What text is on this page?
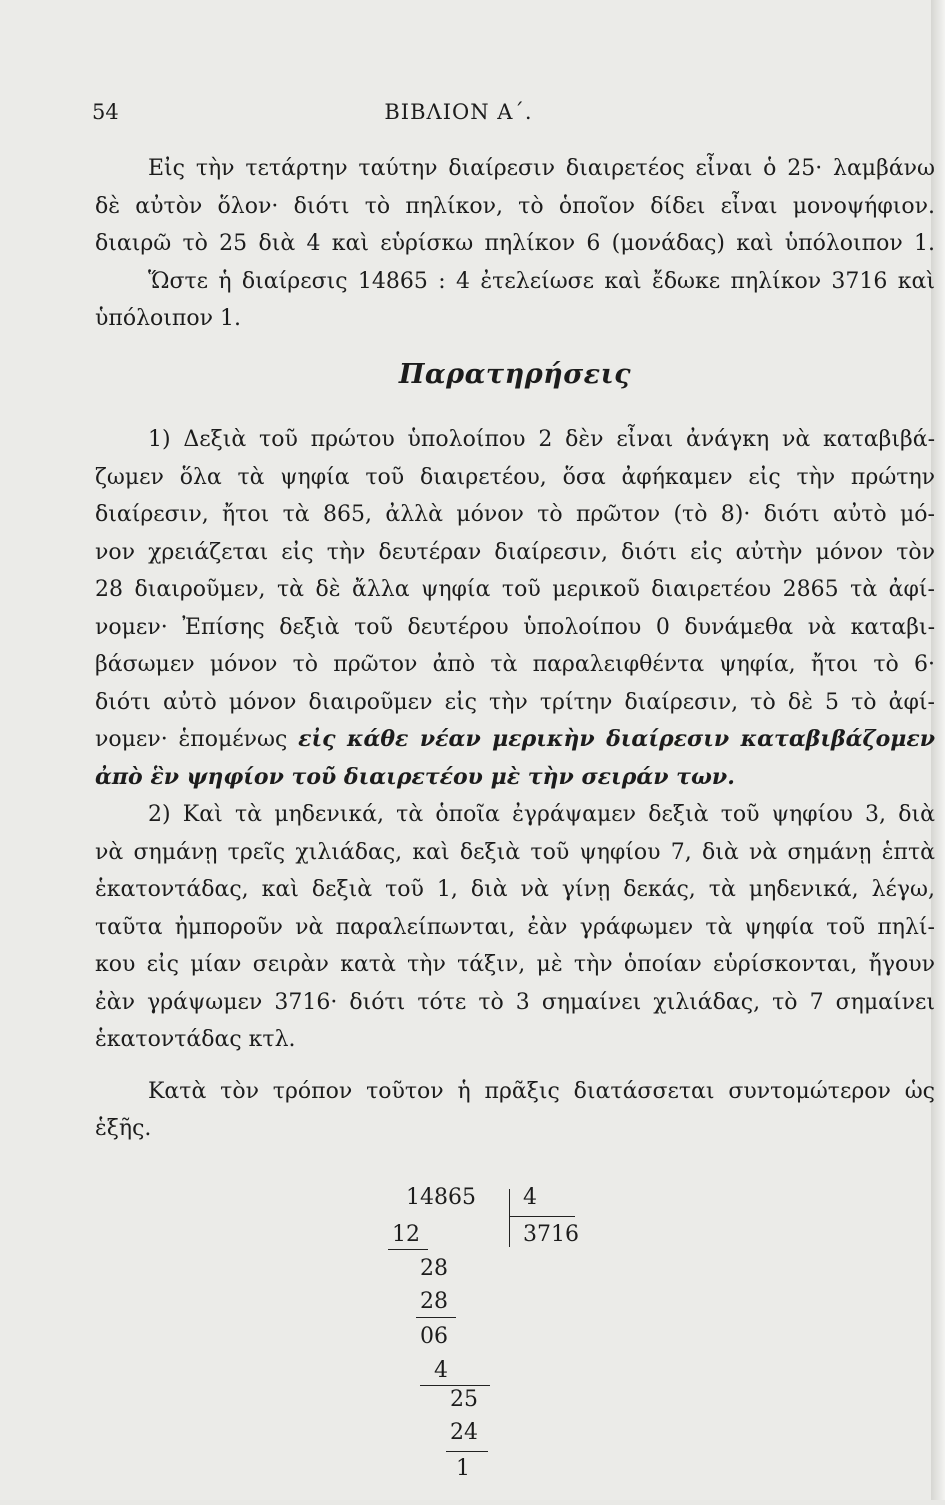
54	ΒΙΒΛΙΟΝ Α΄.
Εἰς τὴν τετάρτην ταύτην διαίρεσιν διαιρετέος εἶναι ὁ 25· λαμβάνω
δὲ αὐτὸν ὅλον· διότι τὸ πηλίκον, τὸ ὁποῖον δίδει εἶναι μονοψήφιον.
διαιρῶ τὸ 25 διὰ 4 καὶ εὑρίσκω πηλίκον 6 (μονάδας) καὶ ὑπόλοιπον 1.
Ὥστε ἡ διαίρεσις 14865 : 4 ἐτελείωσε καὶ ἔδωκε πηλίκον 3716 καὶ
ὑπόλοιπον 1.
Παρατηρήσεις
1) Δεξιὰ τοῦ πρώτου ὑπολοίπου 2 δὲν εἶναι ἀνάγκη νὰ καταβιβά-
ζωμεν ὅλα τὰ ψηφία τοῦ διαιρετέου, ὅσα ἀφήκαμεν εἰς τὴν πρώτην
διαίρεσιν, ἤτοι τὰ 865, ἀλλὰ μόνον τὸ πρῶτον (τὸ 8)· διότι αὐτὸ μό-
νον χρειάζεται εἰς τὴν δευτέραν διαίρεσιν, διότι εἰς αὐτὴν μόνον τὸν
28 διαιροῦμεν, τὰ δὲ ἄλλα ψηφία τοῦ μερικοῦ διαιρετέου 2865 τὰ ἀφί-
νομεν· Ἐπίσης δεξιὰ τοῦ δευτέρου ὑπολοίπου 0 δυνάμεθα νὰ καταβι-
βάσωμεν μόνον τὸ πρῶτον ἀπὸ τὰ παραλειφθέντα ψηφία, ἤτοι τὸ 6·
διότι αὐτὸ μόνον διαιροῦμεν εἰς τὴν τρίτην διαίρεσιν, τὸ δὲ 5 τὸ ἀφί-
νομεν· ἑπομένως εἰς κάθε νέαν μερικὴν διαίρεσιν καταβιβάζομεν
ἀπὸ ἓν ψηφίον τοῦ διαιρετέου μὲ τὴν σειράν των.
2) Καὶ τὰ μηδενικά, τὰ ὁποῖα ἐγράψαμεν δεξιὰ τοῦ ψηφίου 3, διὰ
νὰ σημάνῃ τρεῖς χιλιάδας, καὶ δεξιὰ τοῦ ψηφίου 7, διὰ νὰ σημάνῃ ἑπτὰ
ἑκατοντάδας, καὶ δεξιὰ τοῦ 1, διὰ νὰ γίνῃ δεκάς, τὰ μηδενικά, λέγω,
ταῦτα ἠμποροῦν νὰ παραλείπωνται, ἐὰν γράφωμεν τὰ ψηφία τοῦ πηλί-
κου εἰς μίαν σειρὰν κατὰ τὴν τάξιν, μὲ τὴν ὁποίαν εὑρίσκονται, ἤγουν
ἐὰν γράψωμεν 3716· διότι τότε τὸ 3 σημαίνει χιλιάδας, τὸ 7 σημαίνει
ἑκατοντάδας κτλ.
Κατὰ τὸν τρόπον τοῦτον ἡ πρᾶξις διατάσσεται συντομώτερον ὡς
ἑξῆς.
14865 4
3716
12
28
28
06
4
25
24
1
